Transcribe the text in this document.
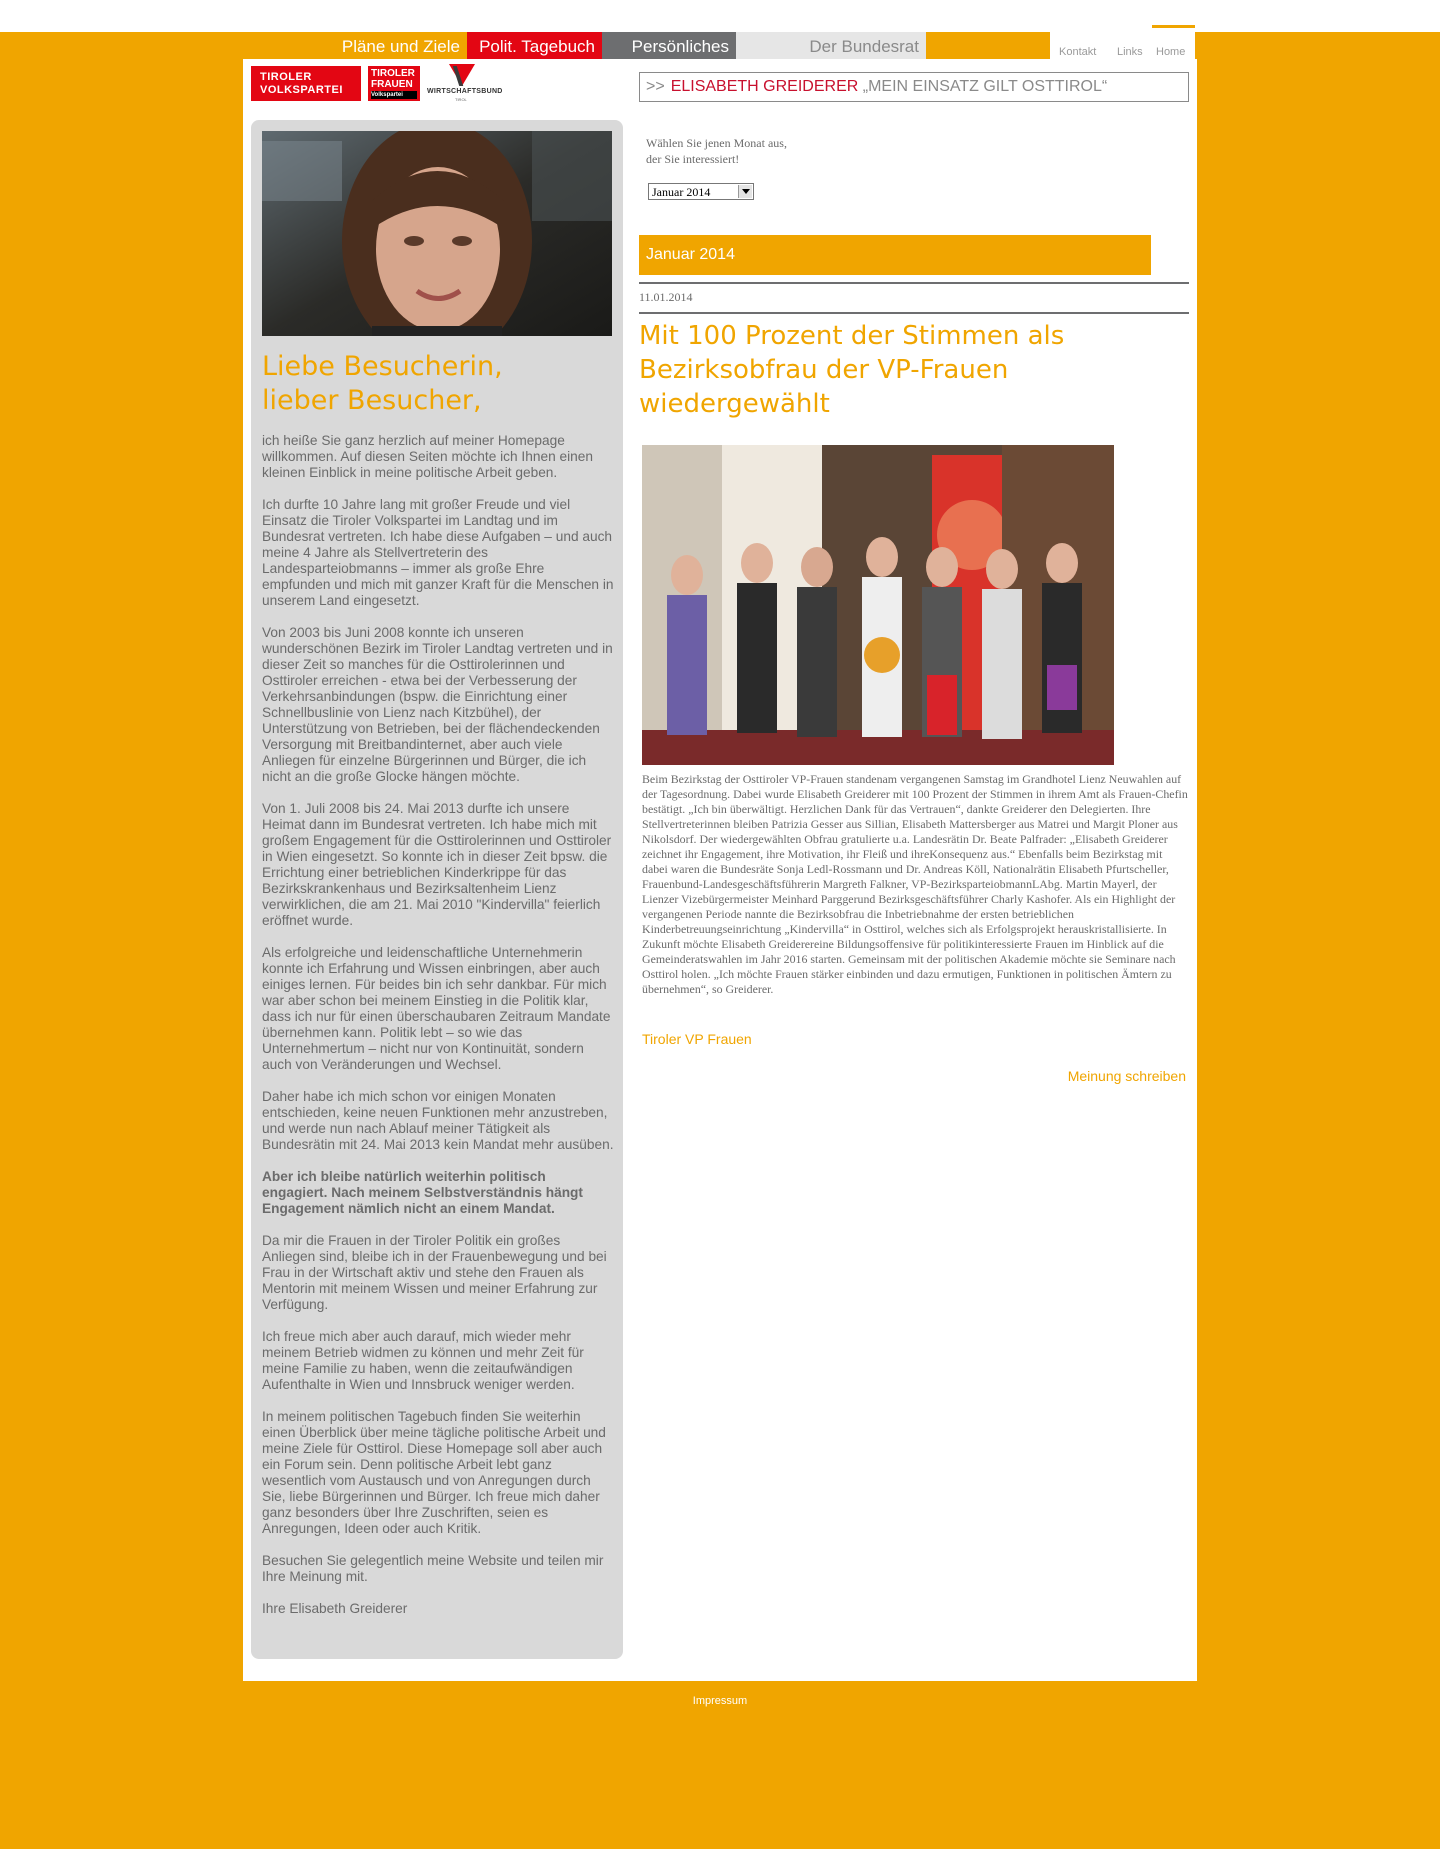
Pläne und Ziele	Polit. Tagebuch	Persönliches	Der Bundesrat	Kontakt Links Home
TIROLER
VOLKSPARTEI
TIROLER
FRAUEN
Volkspartei	WIRTSCHAFTSBUND
TIROL
>> ELISABETH GREIDERER „MEIN EINSATZ GILT OSTTIROL“
Liebe Besucherin,
lieber Besucher,

ich heiße Sie ganz herzlich auf meiner Homepage willkommen. Auf diesen Seiten möchte ich Ihnen einen kleinen Einblick in meine politische Arbeit geben.

Ich durfte 10 Jahre lang mit großer Freude und viel Einsatz die Tiroler Volkspartei im Landtag und im Bundesrat vertreten. Ich habe diese Aufgaben – und auch meine 4 Jahre als Stellvertreterin des Landesparteiobmanns – immer als große Ehre empfunden und mich mit ganzer Kraft für die Menschen in unserem Land eingesetzt.

Von 2003 bis Juni 2008 konnte ich unseren wunderschönen Bezirk im Tiroler Landtag vertreten und in dieser Zeit so manches für die Osttirolerinnen und Osttiroler erreichen - etwa bei der Verbesserung der Verkehrsanbindungen (bspw. die Einrichtung einer Schnellbuslinie von Lienz nach Kitzbühel), der Unterstützung von Betrieben, bei der flächendeckenden Versorgung mit Breitbandinternet, aber auch viele Anliegen für einzelne Bürgerinnen und Bürger, die ich nicht an die große Glocke hängen möchte.

Von 1. Juli 2008 bis 24. Mai 2013 durfte ich unsere Heimat dann im Bundesrat vertreten. Ich habe mich mit großem Engagement für die Osttirolerinnen und Osttiroler in Wien eingesetzt. So konnte ich in dieser Zeit bpsw. die Errichtung einer betrieblichen Kinderkrippe für das Bezirkskrankenhaus und Bezirksaltenheim Lienz verwirklichen, die am 21. Mai 2010 "Kindervilla" feierlich eröffnet wurde.

Als erfolgreiche und leidenschaftliche Unternehmerin konnte ich Erfahrung und Wissen einbringen, aber auch einiges lernen. Für beides bin ich sehr dankbar. Für mich war aber schon bei meinem Einstieg in die Politik klar, dass ich nur für einen überschaubaren Zeitraum Mandate übernehmen kann. Politik lebt – so wie das Unternehmertum – nicht nur von Kontinuität, sondern auch von Veränderungen und Wechsel.

Daher habe ich mich schon vor einigen Monaten entschieden, keine neuen Funktionen mehr anzustreben, und werde nun nach Ablauf meiner Tätigkeit als Bundesrätin mit 24. Mai 2013 kein Mandat mehr ausüben.

Aber ich bleibe natürlich weiterhin politisch engagiert. Nach meinem Selbstverständnis hängt Engagement nämlich nicht an einem Mandat.

Da mir die Frauen in der Tiroler Politik ein großes Anliegen sind, bleibe ich in der Frauenbewegung und bei Frau in der Wirtschaft aktiv und stehe den Frauen als Mentorin mit meinem Wissen und meiner Erfahrung zur Verfügung.

Ich freue mich aber auch darauf, mich wieder mehr meinem Betrieb widmen zu können und mehr Zeit für meine Familie zu haben, wenn die zeitaufwändigen Aufenthalte in Wien und Innsbruck weniger werden.

In meinem politischen Tagebuch finden Sie weiterhin einen Überblick über meine tägliche politische Arbeit und meine Ziele für Osttirol. Diese Homepage soll aber auch ein Forum sein. Denn politische Arbeit lebt ganz wesentlich vom Austausch und von Anregungen durch Sie, liebe Bürgerinnen und Bürger. Ich freue mich daher ganz besonders über Ihre Zuschriften, seien es Anregungen, Ideen oder auch Kritik.

Besuchen Sie gelegentlich meine Website und teilen mir Ihre Meinung mit.

Ihre Elisabeth Greiderer

Wählen Sie jenen Monat aus,
der Sie interessiert!
Januar 2014
Januar 2014
11.01.2014
Mit 100 Prozent der Stimmen als Bezirksobfrau der VP-Frauen wiedergewählt

Beim Bezirkstag der Osttiroler VP-Frauen standenam vergangenen Samstag im Grandhotel Lienz Neuwahlen auf der Tagesordnung. Dabei wurde Elisabeth Greiderer mit 100 Prozent der Stimmen in ihrem Amt als Frauen-Chefin bestätigt. „Ich bin überwältigt. Herzlichen Dank für das Vertrauen“, dankte Greiderer den Delegierten. Ihre Stellvertreterinnen bleiben Patrizia Gesser aus Sillian, Elisabeth Mattersberger aus Matrei und Margit Ploner aus Nikolsdorf. Der wiedergewählten Obfrau gratulierte u.a. Landesrätin Dr. Beate Palfrader: „Elisabeth Greiderer zeichnet ihr Engagement, ihre Motivation, ihr Fleiß und ihreKonsequenz aus.“ Ebenfalls beim Bezirkstag mit dabei waren die Bundesräte Sonja Ledl-Rossmann und Dr. Andreas Köll, Nationalrätin Elisabeth Pfurtscheller, Frauenbund-Landesgeschäftsführerin Margreth Falkner, VP-BezirksparteiobmannLAbg. Martin Mayerl, der Lienzer Vizebürgermeister Meinhard Parggerund Bezirksgeschäftsführer Charly Kashofer. Als ein Highlight der vergangenen Periode nannte die Bezirksobfrau die Inbetriebnahme der ersten betrieblichen Kinderbetreuungseinrichtung „Kindervilla“ in Osttirol, welches sich als Erfolgsprojekt herauskristallisierte. In Zukunft möchte Elisabeth Greidererеine Bildungsoffensive für politikinteressierte Frauen im Hinblick auf die Gemeinderatswahlen im Jahr 2016 starten. Gemeinsam mit der politischen Akademie möchte sie Seminare nach Osttirol holen. „Ich möchte Frauen stärker einbinden und dazu ermutigen, Funktionen in politischen Ämtern zu übernehmen“, so Greiderer.

Tiroler VP Frauen
Meinung schreiben
Impressum
